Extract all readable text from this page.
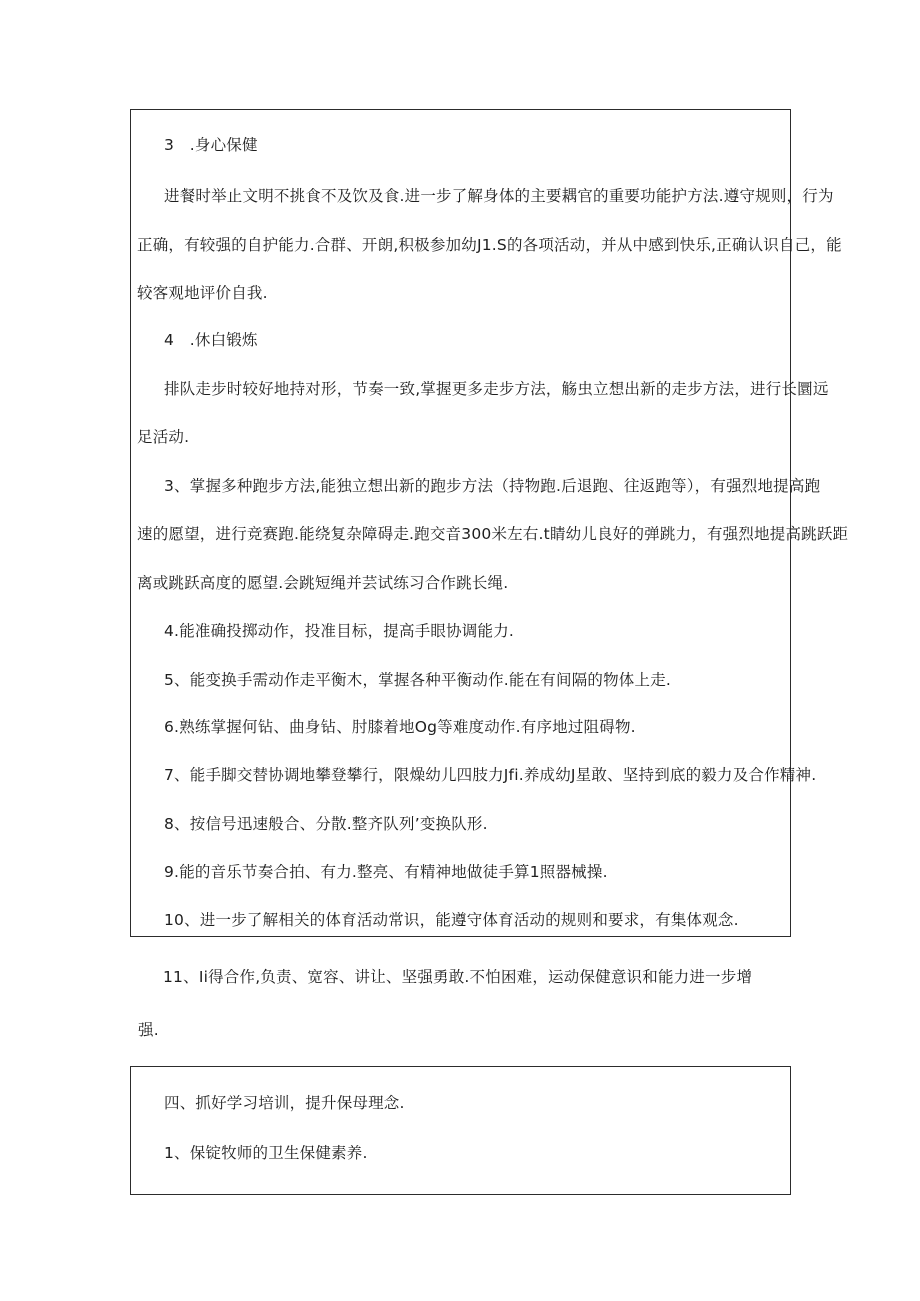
3　.身心保健

进餐时举止文明不挑食不及饮及食.进一步了解身体的主要耦官的重要功能护方法.遵守规则，行为

正确，有较强的自护能力.合群、开朗,积极参加幼J1.S的各项活动，并从中感到快乐,正确认识自己，能

较客观地评价自我.

4　.休白锻炼

排队走步时较好地持对形，节奏一致,掌握更多走步方法，觞虫立想出新的走步方法，进行长圜远

足活动.

3、掌握多种跑步方法,能独立想出新的跑步方法（持物跑.后退跑、往返跑等），有强烈地提高跑

速的愿望，进行竞赛跑.能绕复杂障碍走.跑交音300米左右.t睛幼儿良好的弹跳力，有强烈地提高跳跃距

离或跳跃高度的愿望.会跳短绳并芸试练习合作跳长绳.

4.能准确投掷动作，投准目标，提高手眼协调能力.

5、能变换手需动作走平衡木，掌握各种平衡动作.能在有间隔的物体上走.

6.熟练掌握何钻、曲身钻、肘膝着地Og等难度动作.有序地过阻碍物.

7、能手脚交替协调地攀登攀行，限燥幼儿四肢力Jfi.养成幼J星敢、坚持到底的毅力及合作精神.

8、按信号迅速般合、分散.整齐队列’变换队形.

9.能的音乐节奏合拍、有力.整亮、有精神地做徒手算1照器械操.

10、进一步了解相关的体育活动常识，能遵守体育活动的规则和要求，有集体观念.

11、Ii得合作,负责、宽容、讲让、坚强勇敢.不怕困难，运动保健意识和能力进一步增

强.

四、抓好学习培训，提升保母理念.

1、保锭牧师的卫生保健素养.
